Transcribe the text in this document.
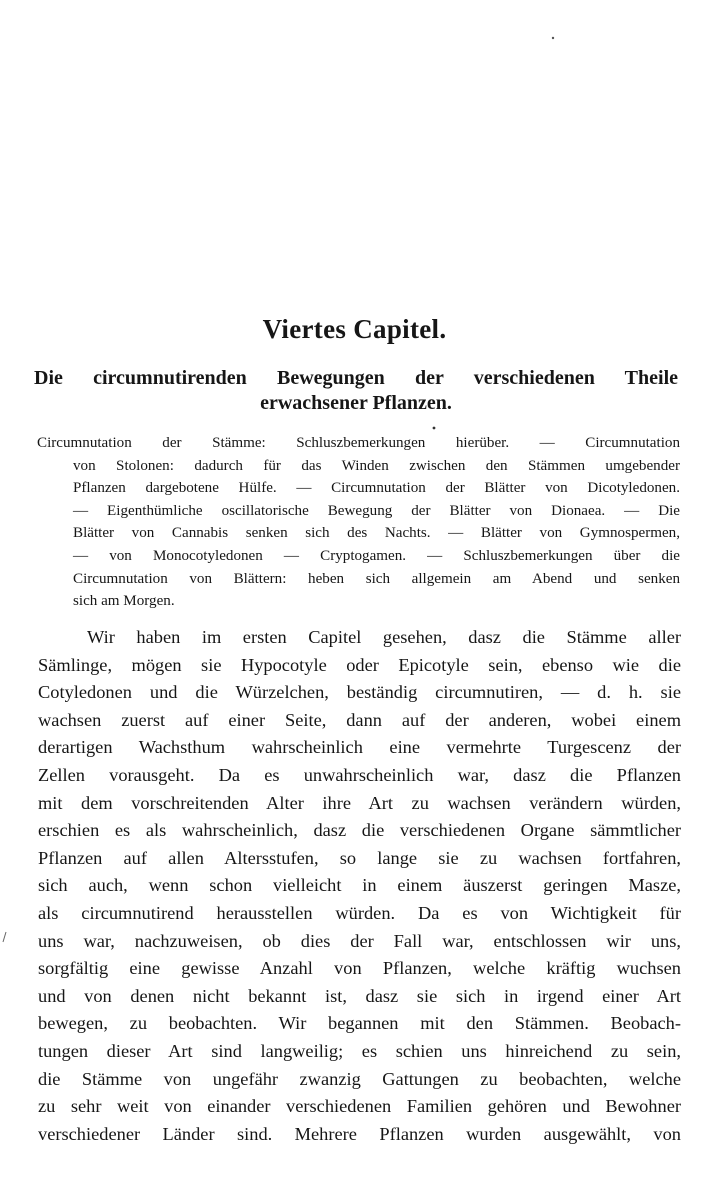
Viertes Capitel.
Die circumnutirenden Bewegungen der verschiedenen Theile
erwachsener Pflanzen.
Circumnutation der Stämme: Schluszbemerkungen hierüber. — Circumnutation
von Stolonen: dadurch für das Winden zwischen den Stämmen umgebender
Pflanzen dargebotene Hülfe. — Circumnutation der Blätter von Dicotyledonen.
— Eigenthümliche oscillatorische Bewegung der Blätter von Dionaea. — Die
Blätter von Cannabis senken sich des Nachts. — Blätter von Gymnospermen,
— von Monocotyledonen — Cryptogamen. — Schluszbemerkungen über die
Circumnutation von Blättern: heben sich allgemein am Abend und senken
sich am Morgen.
Wir haben im ersten Capitel gesehen, dasz die Stämme aller
Sämlinge, mögen sie Hypocotyle oder Epicotyle sein, ebenso wie die
Cotyledonen und die Würzelchen, beständig circumnutiren, — d. h. sie
wachsen zuerst auf einer Seite, dann auf der anderen, wobei einem
derartigen Wachsthum wahrscheinlich eine vermehrte Turgescenz der
Zellen vorausgeht. Da es unwahrscheinlich war, dasz die Pflanzen
mit dem vorschreitenden Alter ihre Art zu wachsen verändern würden,
erschien es als wahrscheinlich, dasz die verschiedenen Organe sämmtlicher
Pflanzen auf allen Altersstufen, so lange sie zu wachsen fortfahren,
sich auch, wenn schon vielleicht in einem äuszerst geringen Masze,
als circumnutirend herausstellen würden. Da es von Wichtigkeit für
uns war, nachzuweisen, ob dies der Fall war, entschlossen wir uns,
sorgfältig eine gewisse Anzahl von Pflanzen, welche kräftig wuchsen
und von denen nicht bekannt ist, dasz sie sich in irgend einer Art
bewegen, zu beobachten. Wir begannen mit den Stämmen. Beobach-
tungen dieser Art sind langweilig; es schien uns hinreichend zu sein,
die Stämme von ungefähr zwanzig Gattungen zu beobachten, welche
zu sehr weit von einander verschiedenen Familien gehören und Bewohner
verschiedener Länder sind. Mehrere Pflanzen wurden ausgewählt, von
